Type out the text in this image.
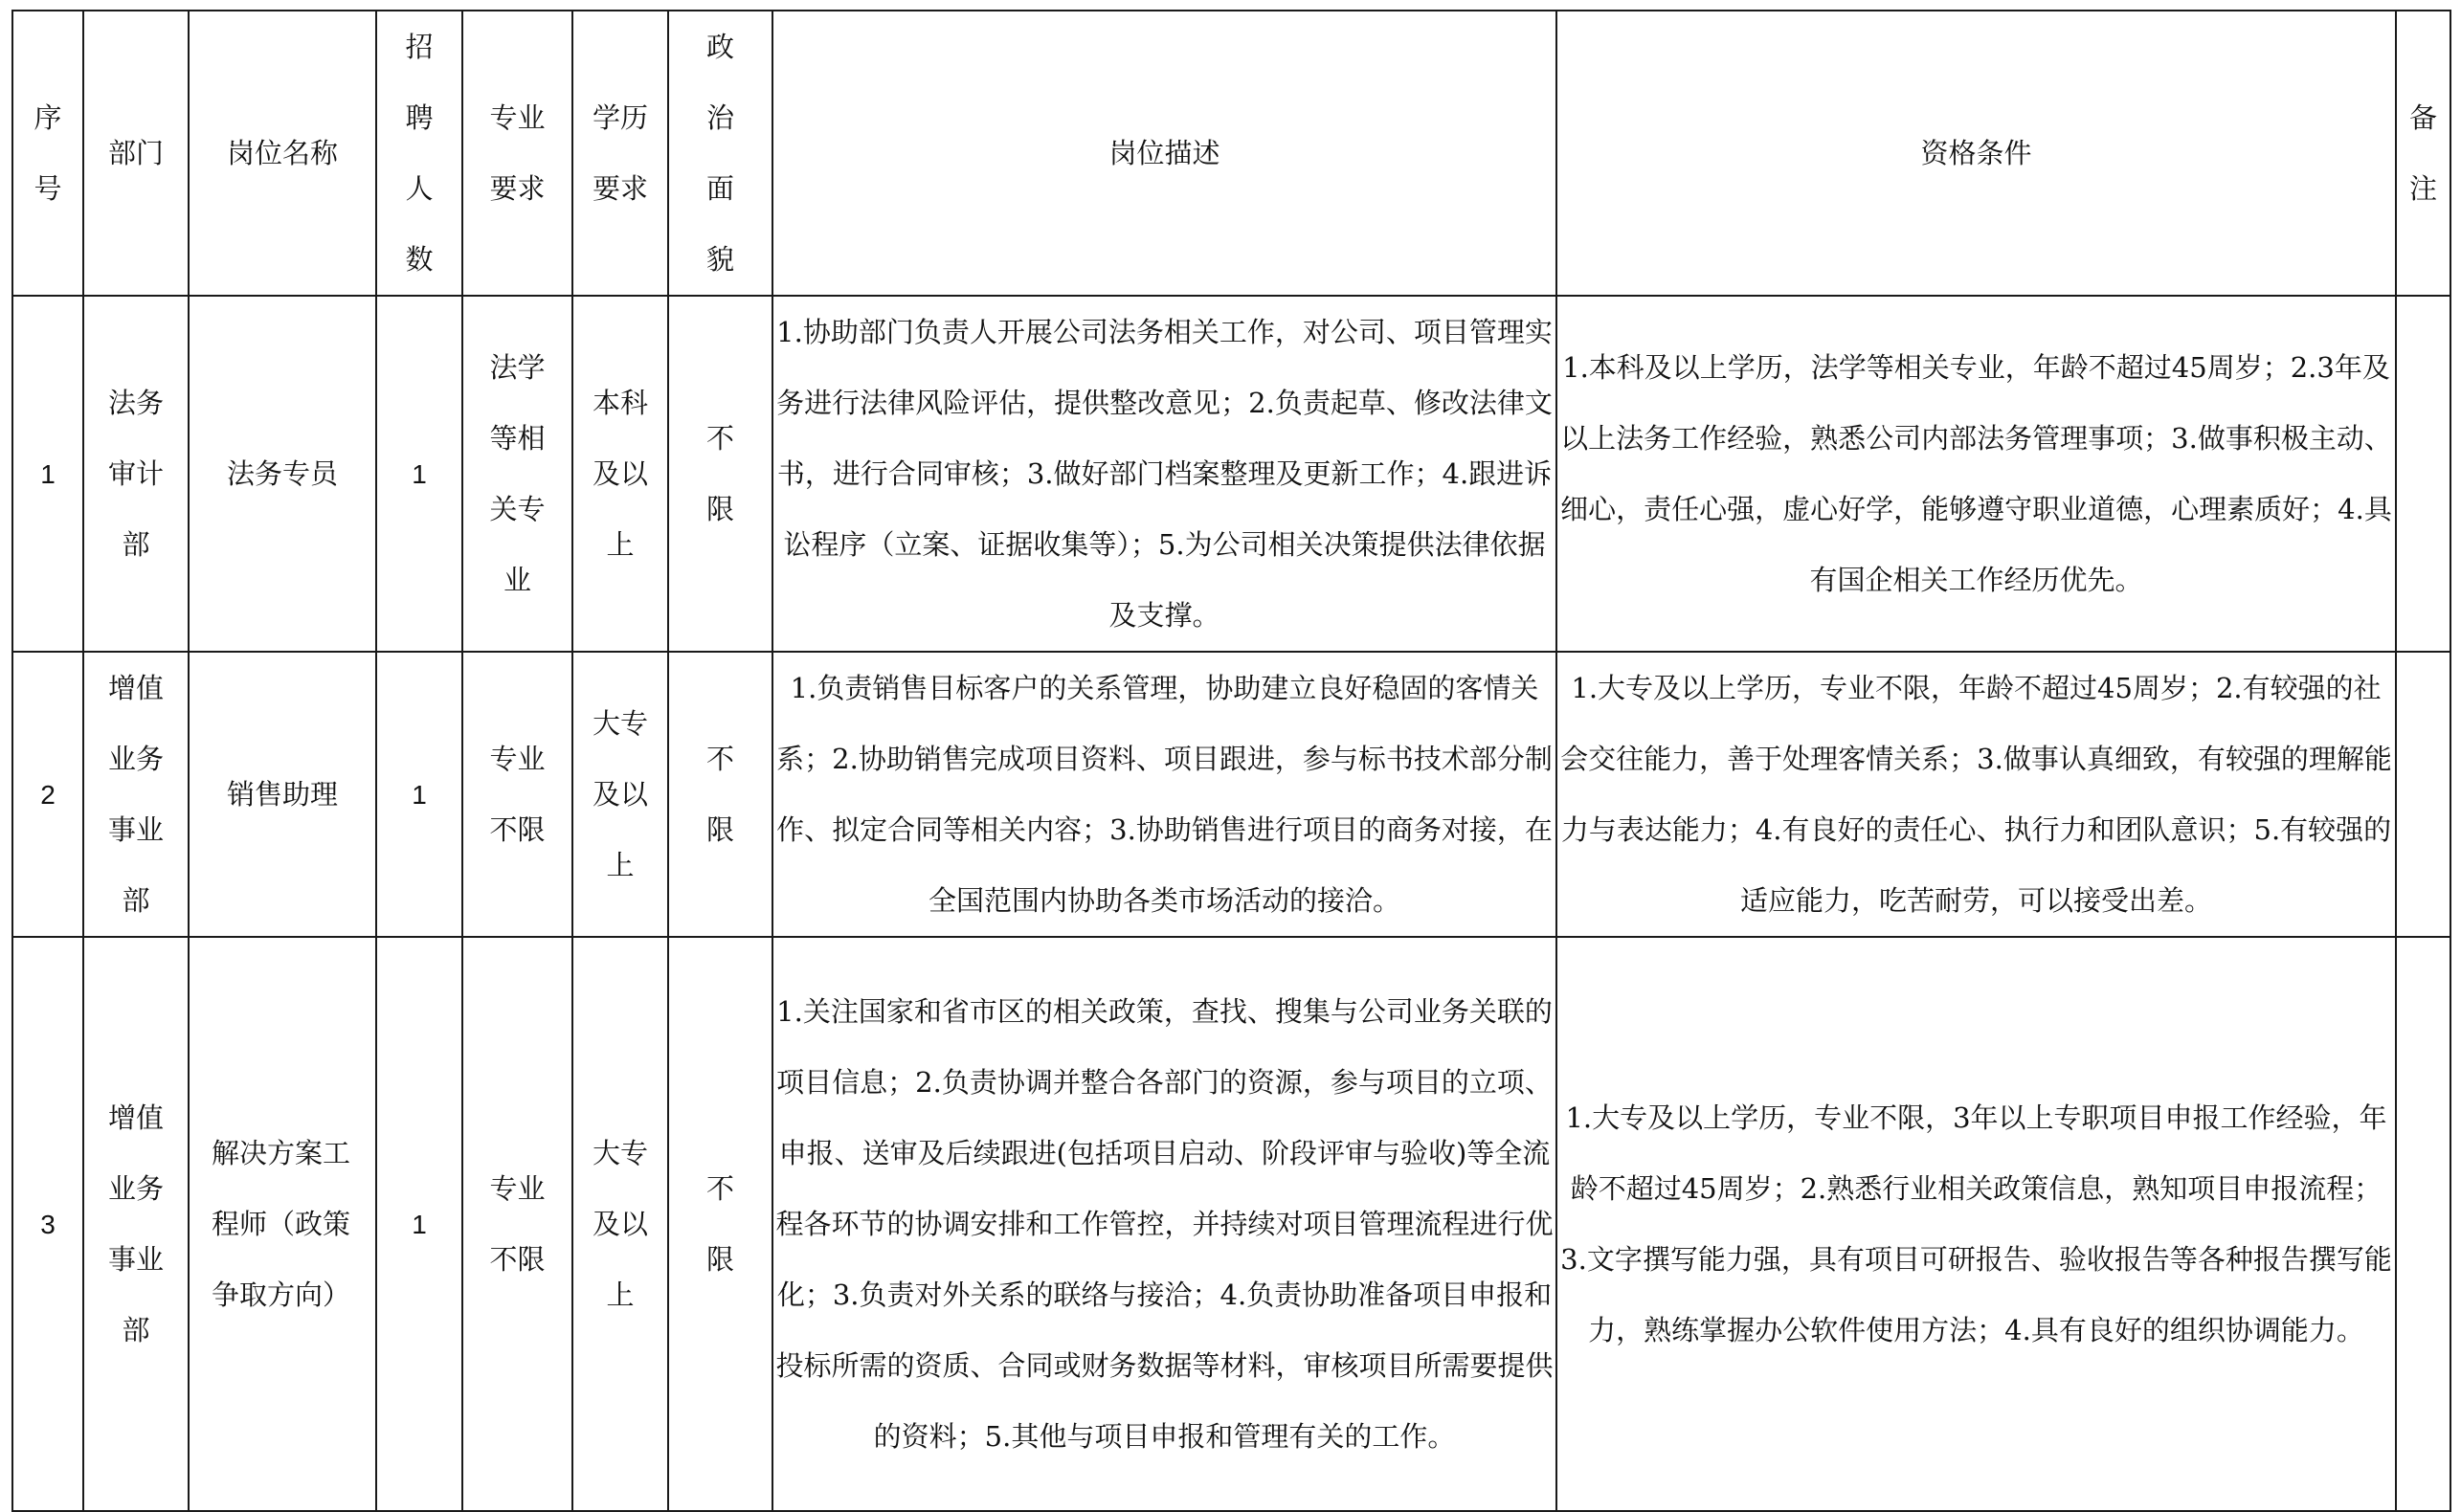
序号	部门	岗位名称	招聘人数	专业要求	学历要求	政治面貌	岗位描述	资格条件	备注
1	法务审计部	法务专员	1	法学等相关专业	本科及以上	不限	1.协助部门负责人开展公司法务相关工作，对公司、项目管理实务进行法律风险评估，提供整改意见；2.负责起草、修改法律文书，进行合同审核；3.做好部门档案整理及更新工作；4.跟进诉讼程序（立案、证据收集等）；5.为公司相关决策提供法律依据及支撑。	1.本科及以上学历，法学等相关专业，年龄不超过45周岁；2.3年及以上法务工作经验，熟悉公司内部法务管理事项；3.做事积极主动、细心，责任心强，虚心好学，能够遵守职业道德，心理素质好；4.具有国企相关工作经历优先。	
2	增值业务事业部	销售助理	1	专业不限	大专及以上	不限	1.负责销售目标客户的关系管理，协助建立良好稳固的客情关系；2.协助销售完成项目资料、项目跟进，参与标书技术部分制作、拟定合同等相关内容；3.协助销售进行项目的商务对接，在全国范围内协助各类市场活动的接洽。	1.大专及以上学历，专业不限，年龄不超过45周岁；2.有较强的社会交往能力，善于处理客情关系；3.做事认真细致，有较强的理解能力与表达能力；4.有良好的责任心、执行力和团队意识；5.有较强的适应能力，吃苦耐劳，可以接受出差。	
3	增值业务事业部	解决方案工程师（政策争取方向）	1	专业不限	大专及以上	不限	1.关注国家和省市区的相关政策，查找、搜集与公司业务关联的项目信息；2.负责协调并整合各部门的资源，参与项目的立项、申报、送审及后续跟进(包括项目启动、阶段评审与验收)等全流程各环节的协调安排和工作管控，并持续对项目管理流程进行优化；3.负责对外关系的联络与接洽；4.负责协助准备项目申报和投标所需的资质、合同或财务数据等材料，审核项目所需要提供的资料；5.其他与项目申报和管理有关的工作。	1.大专及以上学历，专业不限，3年以上专职项目申报工作经验，年龄不超过45周岁；2.熟悉行业相关政策信息，熟知项目申报流程；3.文字撰写能力强，具有项目可研报告、验收报告等各种报告撰写能力，熟练掌握办公软件使用方法；4.具有良好的组织协调能力。	
